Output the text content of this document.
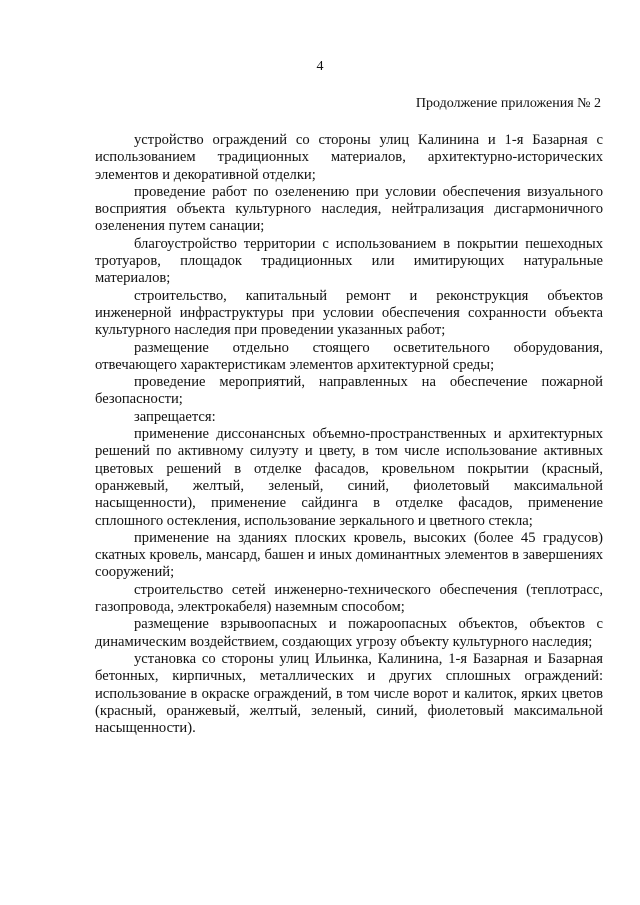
4
Продолжение приложения № 2

устройство ограждений со стороны улиц Калинина и 1-я Базарная с использованием традиционных материалов, архитектурно-исторических элементов и декоративной отделки;

проведение работ по озеленению при условии обеспечения визуального восприятия объекта культурного наследия, нейтрализация дисгармоничного озеленения путем санации;

благоустройство территории с использованием в покрытии пешеходных тротуаров, площадок традиционных или имитирующих натуральные материалов;

строительство, капитальный ремонт и реконструкция объектов инженерной инфраструктуры при условии обеспечения сохранности объекта культурного наследия при проведении указанных работ;

размещение отдельно стоящего осветительного оборудования, отвечающего характеристикам элементов архитектурной среды;

проведение мероприятий, направленных на обеспечение пожарной безопасности;

запрещается:

применение диссонансных объемно-пространственных и архитектурных решений по активному силуэту и цвету, в том числе использование активных цветовых решений в отделке фасадов, кровельном покрытии (красный, оранжевый, желтый, зеленый, синий, фиолетовый максимальной насыщенности), применение сайдинга в отделке фасадов, применение сплошного остекления, использование зеркального и цветного стекла;

применение на зданиях плоских кровель, высоких (более 45 градусов) скатных кровель, мансард, башен и иных доминантных элементов в завершениях сооружений;

строительство сетей инженерно-технического обеспечения (теплотрасс, газопровода, электрокабеля) наземным способом;

размещение взрывоопасных и пожароопасных объектов, объектов с динамическим воздействием, создающих угрозу объекту культурного наследия;

установка со стороны улиц Ильинка, Калинина, 1-я Базарная и Базарная бетонных, кирпичных, металлических и других сплошных ограждений: использование в окраске ограждений, в том числе ворот и калиток, ярких цветов (красный, оранжевый, желтый, зеленый, синий, фиолетовый максимальной насыщенности).
